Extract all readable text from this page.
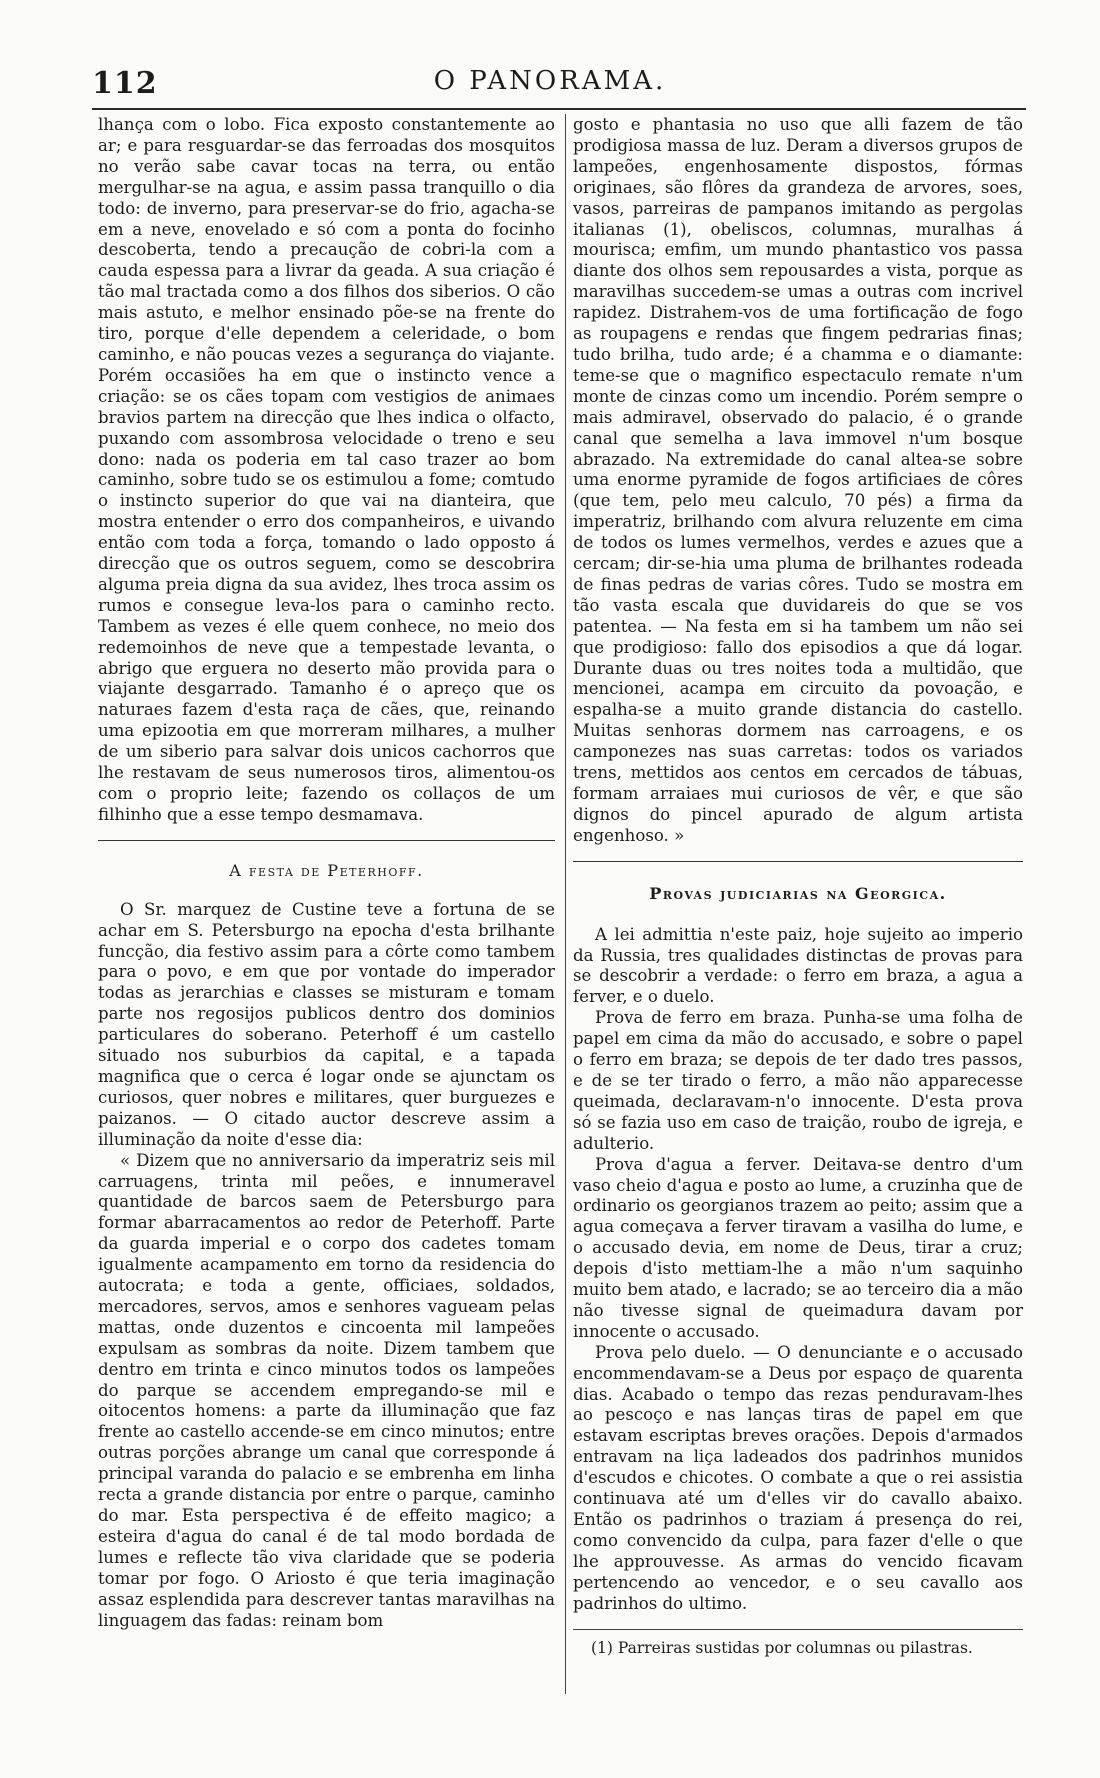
112	O PANORAMA.

lhança com o lobo. Fica exposto constantemente ao ar; e para resguardar-se das ferroadas dos mosquitos no verão sabe cavar tocas na terra, ou então mergulhar-se na agua, e assim passa tranquillo o dia todo: de inverno, para preservar-se do frio, agacha-se em a neve, enovelado e só com a ponta do focinho descoberta, tendo a precaução de cobri-la com a cauda espessa para a livrar da geada. A sua criação é tão mal tractada como a dos filhos dos siberios. O cão mais astuto, e melhor ensinado põe-se na frente do tiro, porque d'elle dependem a celeridade, o bom caminho, e não poucas vezes a segurança do viajante. Porém occasiões ha em que o instincto vence a criação: se os cães topam com vestigios de animaes bravios partem na direcção que lhes indica o olfacto, puxando com assombrosa velocidade o treno e seu dono: nada os poderia em tal caso trazer ao bom caminho, sobre tudo se os estimulou a fome; comtudo o instincto superior do que vai na dianteira, que mostra entender o erro dos companheiros, e uivando então com toda a força, tomando o lado opposto á direcção que os outros seguem, como se descobrira alguma preia digna da sua avidez, lhes troca assim os rumos e consegue leva-los para o caminho recto. Tambem as vezes é elle quem conhece, no meio dos redemoinhos de neve que a tempestade levanta, o abrigo que erguera no deserto mão provida para o viajante desgarrado. Tamanho é o apreço que os naturaes fazem d'esta raça de cães, que, reinando uma epizootia em que morreram milhares, a mulher de um siberio para salvar dois unicos cachorros que lhe restavam de seus numerosos tiros, alimentou-os com o proprio leite; fazendo os collaços de um filhinho que a esse tempo desmamava.

A festa de Peterhoff.

O Sr. marquez de Custine teve a fortuna de se achar em S. Petersburgo na epocha d'esta brilhante funcção, dia festivo assim para a côrte como tambem para o povo, e em que por vontade do imperador todas as jerarchias e classes se misturam e tomam parte nos regosijos publicos dentro dos dominios particulares do soberano. Peterhoff é um castello situado nos suburbios da capital, e a tapada magnifica que o cerca é logar onde se ajunctam os curiosos, quer nobres e militares, quer burguezes e paizanos. — O citado auctor descreve assim a illuminação da noite d'esse dia:

« Dizem que no anniversario da imperatriz seis mil carruagens, trinta mil peões, e innumeravel quantidade de barcos saem de Petersburgo para formar abarracamentos ao redor de Peterhoff. Parte da guarda imperial e o corpo dos cadetes tomam igualmente acampamento em torno da residencia do autocrata; e toda a gente, officiaes, soldados, mercadores, servos, amos e senhores vagueam pelas mattas, onde duzentos e cincoenta mil lampeões expulsam as sombras da noite. Dizem tambem que dentro em trinta e cinco minutos todos os lampeões do parque se accendem empregando-se mil e oitocentos homens: a parte da illuminação que faz frente ao castello accende-se em cinco minutos; entre outras porções abrange um canal que corresponde á principal varanda do palacio e se embrenha em linha recta a grande distancia por entre o parque, caminho do mar. Esta perspectiva é de effeito magico; a esteira d'agua do canal é de tal modo bordada de lumes e reflecte tão viva claridade que se poderia tomar por fogo. O Ariosto é que teria imaginação assaz esplendida para descrever tantas maravilhas na linguagem das fadas: reinam bom

gosto e phantasia no uso que alli fazem de tão prodigiosa massa de luz. Deram a diversos grupos de lampeões, engenhosamente dispostos, fórmas originaes, são flôres da grandeza de arvores, soes, vasos, parreiras de pampanos imitando as pergolas italianas (1), obeliscos, columnas, muralhas á mourisca; emfim, um mundo phantastico vos passa diante dos olhos sem repousardes a vista, porque as maravilhas succedem-se umas a outras com incrivel rapidez. Distrahem-vos de uma fortificação de fogo as roupagens e rendas que fingem pedrarias finas; tudo brilha, tudo arde; é a chamma e o diamante: teme-se que o magnifico espectaculo remate n'um monte de cinzas como um incendio. Porém sempre o mais admiravel, observado do palacio, é o grande canal que semelha a lava immovel n'um bosque abrazado. Na extremidade do canal altea-se sobre uma enorme pyramide de fogos artificiaes de côres (que tem, pelo meu calculo, 70 pés) a firma da imperatriz, brilhando com alvura reluzente em cima de todos os lumes vermelhos, verdes e azues que a cercam; dir-se-hia uma pluma de brilhantes rodeada de finas pedras de varias côres. Tudo se mostra em tão vasta escala que duvidareis do que se vos patentea. — Na festa em si ha tambem um não sei que prodigioso: fallo dos episodios a que dá logar. Durante duas ou tres noites toda a multidão, que mencionei, acampa em circuito da povoação, e espalha-se a muito grande distancia do castello. Muitas senhoras dormem nas carroagens, e os camponezes nas suas carretas: todos os variados trens, mettidos aos centos em cercados de tábuas, formam arraiaes mui curiosos de vêr, e que são dignos do pincel apurado de algum artista engenhoso. »

Provas judiciarias na Georgica.

A lei admittia n'este paiz, hoje sujeito ao imperio da Russia, tres qualidades distinctas de provas para se descobrir a verdade: o ferro em braza, a agua a ferver, e o duelo.

Prova de ferro em braza. Punha-se uma folha de papel em cima da mão do accusado, e sobre o papel o ferro em braza; se depois de ter dado tres passos, e de se ter tirado o ferro, a mão não apparecesse queimada, declaravam-n'o innocente. D'esta prova só se fazia uso em caso de traição, roubo de igreja, e adulterio.

Prova d'agua a ferver. Deitava-se dentro d'um vaso cheio d'agua e posto ao lume, a cruzinha que de ordinario os georgianos trazem ao peito; assim que a agua começava a ferver tiravam a vasilha do lume, e o accusado devia, em nome de Deus, tirar a cruz; depois d'isto mettiam-lhe a mão n'um saquinho muito bem atado, e lacrado; se ao terceiro dia a mão não tivesse signal de queimadura davam por innocente o accusado.

Prova pelo duelo. — O denunciante e o accusado encommendavam-se a Deus por espaço de quarenta dias. Acabado o tempo das rezas penduravam-lhes ao pescoço e nas lanças tiras de papel em que estavam escriptas breves orações. Depois d'armados entravam na liça ladeados dos padrinhos munidos d'escudos e chicotes. O combate a que o rei assistia continuava até um d'elles vir do cavallo abaixo. Então os padrinhos o traziam á presença do rei, como convencido da culpa, para fazer d'elle o que lhe approuvesse. As armas do vencido ficavam pertencendo ao vencedor, e o seu cavallo aos padrinhos do ultimo.

(1) Parreiras sustidas por columnas ou pilastras.
